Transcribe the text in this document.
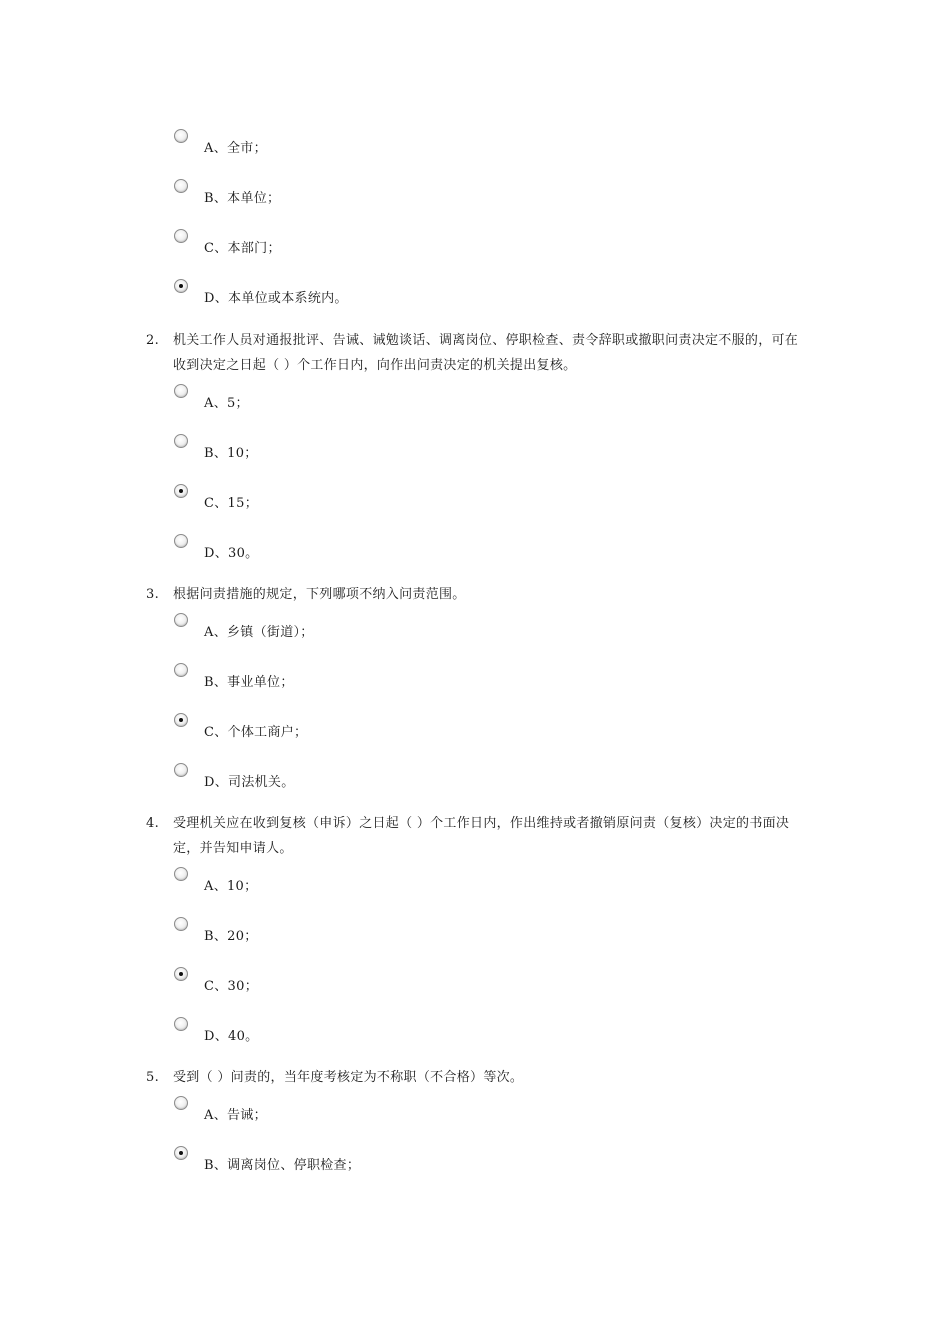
A、全市；
B、本单位；
C、本部门；
D、本单位或本系统内。
2. 机关工作人员对通报批评、告诫、诫勉谈话、调离岗位、停职检查、责令辞职或撤职问责决定不服的，可在收到决定之日起（ ）个工作日内，向作出问责决定的机关提出复核。
A、5；
B、10；
C、15；
D、30。
3. 根据问责措施的规定，下列哪项不纳入问责范围。
A、乡镇（街道）；
B、事业单位；
C、个体工商户；
D、司法机关。
4. 受理机关应在收到复核（申诉）之日起（ ）个工作日内，作出维持或者撤销原问责（复核）决定的书面决定，并告知申请人。
A、10；
B、20；
C、30；
D、40。
5. 受到（ ）问责的，当年度考核定为不称职（不合格）等次。
A、告诫；
B、调离岗位、停职检查；
